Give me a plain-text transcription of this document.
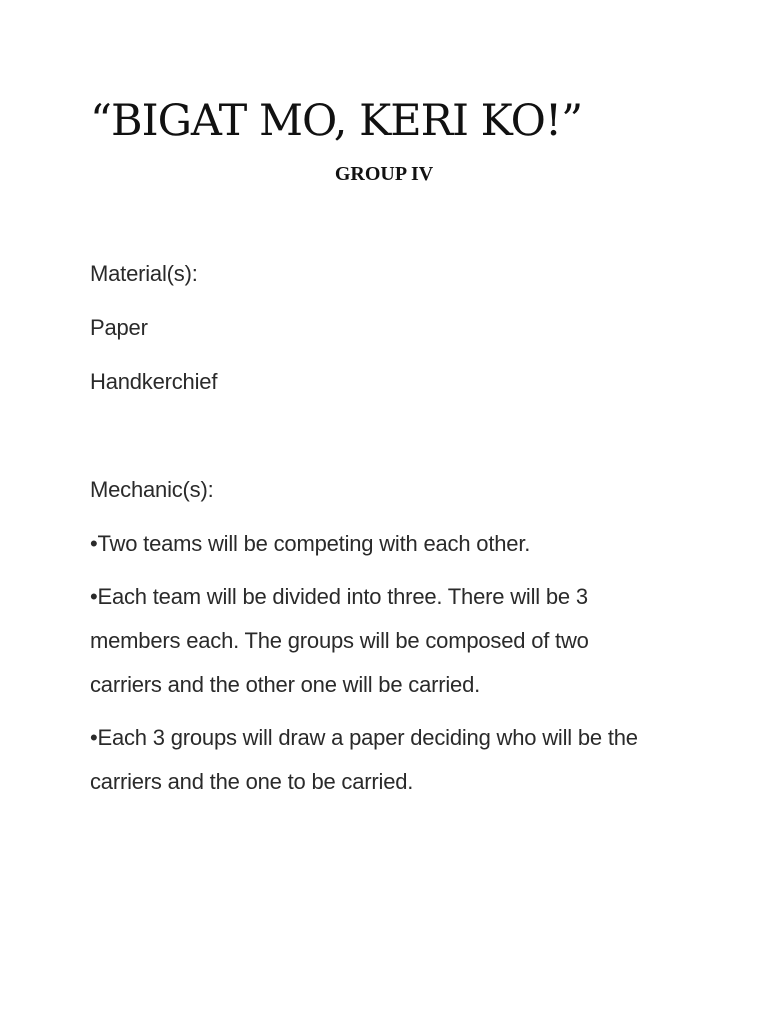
“BIGAT MO, KERI KO!”
GROUP IV

Material(s):

Paper

Handkerchief

Mechanic(s):

•Two teams will be competing with each other.

•Each team will be divided into three. There will be 3 members each. The groups will be composed of two carriers and the other one will be carried.

•Each 3 groups will draw a paper deciding who will be the carriers and the one to be carried.
